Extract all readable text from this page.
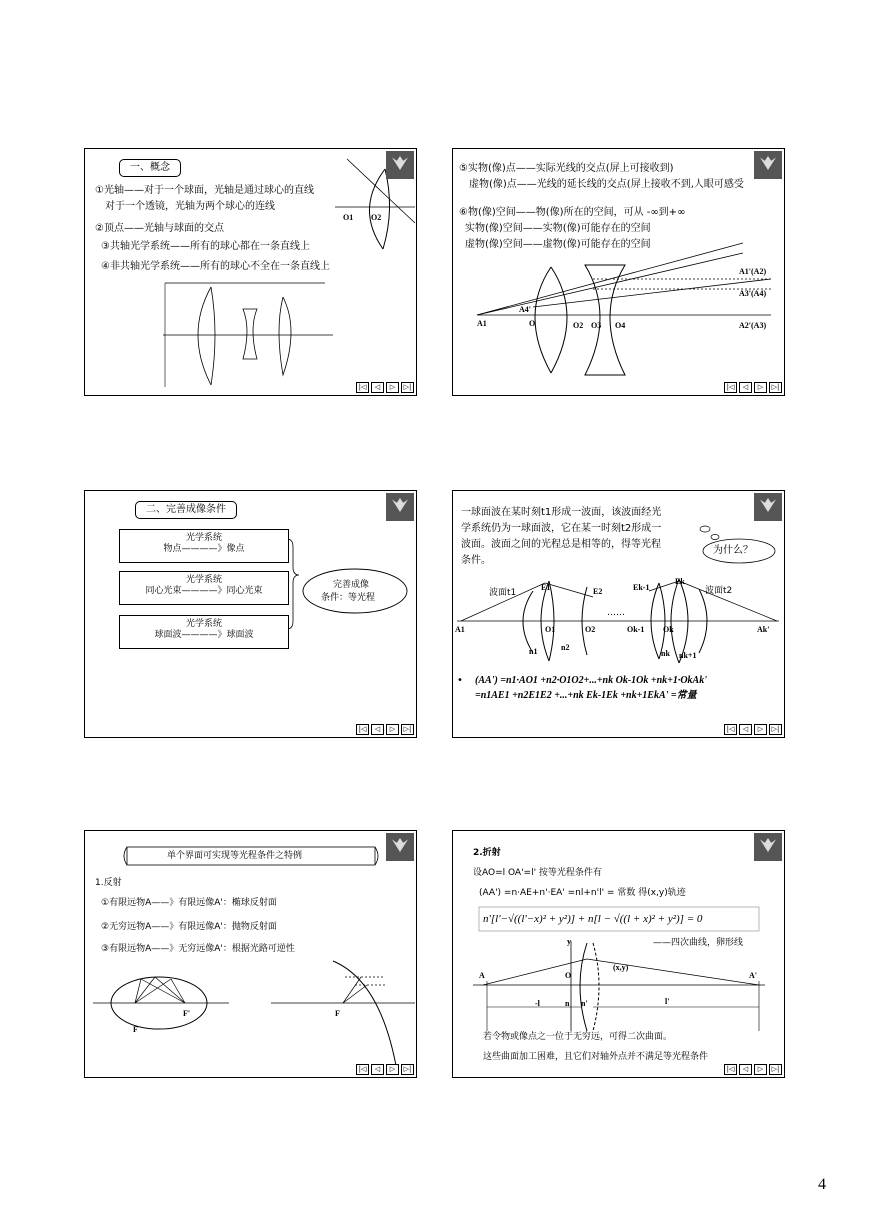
一、概念
①光轴——对于一个球面，光轴是通过球心的直线
对于一个透镜，光轴为两个球心的连线
②顶点——光轴与球面的交点
③共轴光学系统——所有的球心都在一条直线上
④非共轴光学系统——所有的球心不全在一条直线上
O1 O2
|◁	◁	▷	▷|
⑤实物(像)点——实际光线的交点(屏上可接收到)
虚物(像)点——光线的延长线的交点(屏上接收不到,人眼可感受
⑥物(像)空间——物(像)所在的空间，可从 -∞到+∞
实物(像)空间——实物(像)可能存在的空间
虚物(像)空间——虚物(像)可能存在的空间
A1'(A2)
A3'(A4)
A4'
A1	O	O2 O3 O4	A2'(A3)
|◁	◁	▷	▷|
二、完善成像条件
光学系统
物点————》像点
光学系统
同心光束————》同心光束
光学系统
球面波————》球面波
完善成像
条件：等光程
|◁	◁	▷	▷|
一球面波在某时刻t1形成一波面，该波面经光
学系统仍为一球面波，它在某一时刻t2形成一
波面。波面之间的光程总是相等的，得等光程
条件。
为什么？
波面t1
E1	E2	Ek-1
Ek
波面t2
……
A1	O1	O2	Ok-1 Ok	Ak'
n1	n2
nk nk+1
• (AA') =n1·AO1 +n2·O1O2+...+nk Ok-1Ok +nk+1·OkAk'
=n1AE1 +n2E1E2 +...+nk Ek-1Ek +nk+1EkA' =常量
|◁	◁	▷	▷|
单个界面可实现等光程条件之特例
1.反射
①有限远物A——》有限远像A'：椭球反射面
②无穷远物A——》有限远像A'：抛物反射面
③有限远物A——》无穷远像A'：根据光路可逆性
F
F'	F
|◁	◁	▷	▷|
2.折射
设AO=l OA'=l' 按等光程条件有
(AA') =n·AE+n'·EA' =nl+n'l' = 常数 得(x,y)轨迹
n'[l'−√((l'−x)² + y²)] + n[l − √((l + x)² + y²)] = 0
——四次曲线，卵形线
y
A	O
(x,y)
A'
-l	n n'	l'
若令物或像点之一位于无穷远，可得二次曲面。
这些曲面加工困难，且它们对轴外点并不满足等光程条件
|◁	◁	▷	▷|
4
